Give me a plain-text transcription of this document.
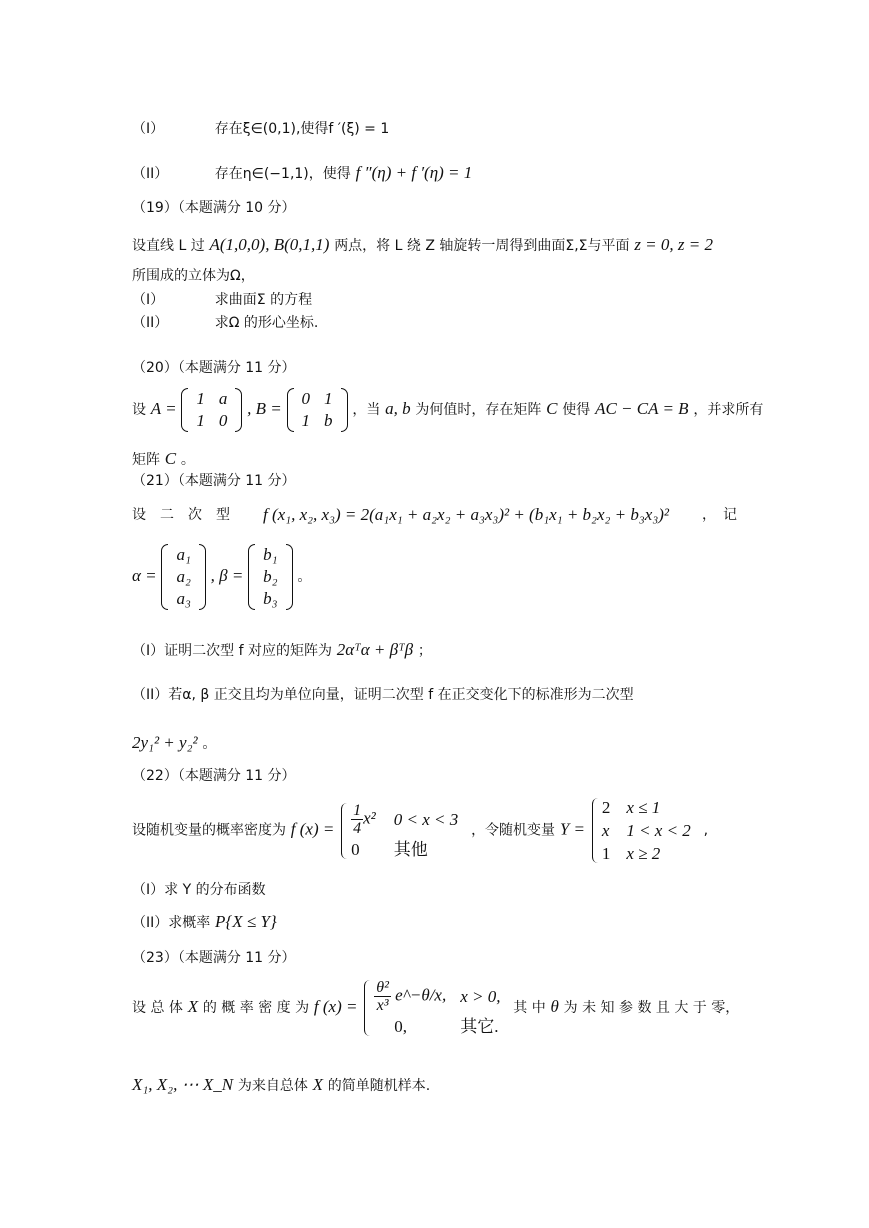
（I）	存在ξ∈(0,1),使得f ′(ξ) = 1
（II）	存在η∈(−1,1)，使得 f ″(η) + f ′(η) = 1
（19）（本题满分 10 分）
设直线 L 过 A(1,0,0), B(0,1,1) 两点，将 L 绕 Z 轴旋转一周得到曲面Σ,Σ与平面 z = 0, z = 2
所围成的立体为Ω，
（I）	求曲面Σ 的方程
（II）	求Ω 的形心坐标.
（20）（本题满分 11 分）
设 A =
1	a
1	0
, B =
0	1
1	b
，当 a, b 为何值时，存在矩阵 C 使得 AC − CA = B ，并求所有
矩阵 C 。
（21）（本题满分 11 分）
设　二　次　型 f (x₁, x₂, x₃) = 2(a₁x₁ + a₂x₂ + a₃x₃)² + (b₁x₁ + b₂x₂ + b₃x₃)² ，　记
α =
a₁
a₂
a₃
, β =
b₁
b₂
b₃
。
（I）证明二次型 f 对应的矩阵为 2αᵀα + βᵀβ ；
（II）若α, β 正交且均为单位向量，证明二次型 f 在正交变化下的标准形为二次型
2y₁² + y₂² 。
（22）（本题满分 11 分）
设随机变量的概率密度为 f $(x) = \frac{1}{4} x^2$	0 < x < 3
0	其他
，令随机变量 Y =
2	x ≤ 1
x	1 < x < 2
1	x ≥ 2
,
（I）求 Y 的分布函数
（II）求概率 P{X ≤ Y}
（23）（本题满分 11 分）
设 总 体 X 的 概 率 密 度 为 f $(x) = \frac{\text{θ²}}{\text{x³}}$ e^−θ/x,	x > 0,
0,	其它.
其 中 θ 为 未 知 参 数 且 大 于 零，
X₁, X₂, ⋯ X_N 为来自总体 X 的简单随机样本.
